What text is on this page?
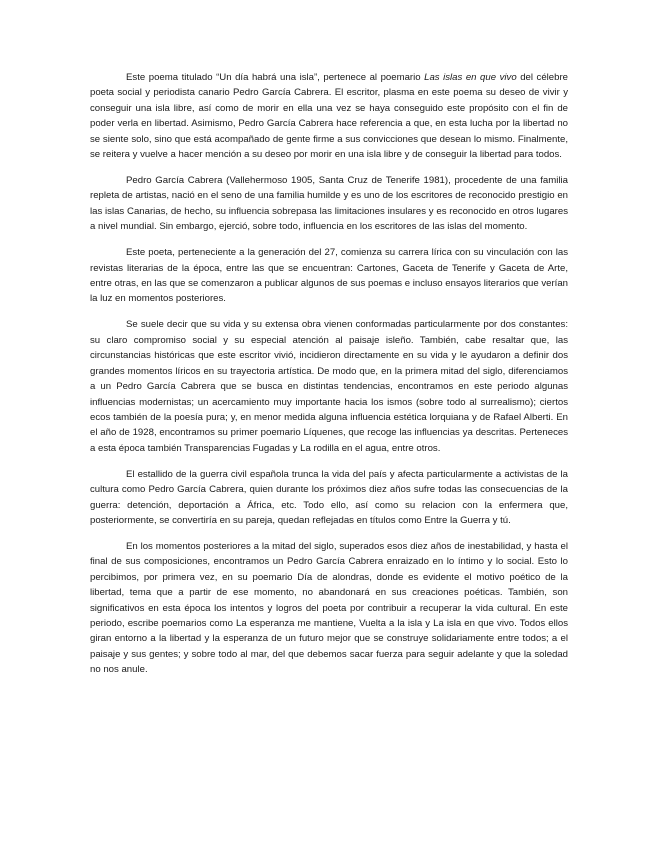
Este poema titulado “Un día habrá una isla”, pertenece al poemario Las islas en que vivo del célebre poeta social y periodista canario Pedro García Cabrera. El escritor, plasma en este poema su deseo de vivir y conseguir una isla libre, así como de morir en ella una vez se haya conseguido este propósito con el fin de poder verla en libertad. Asimismo, Pedro García Cabrera hace referencia a que, en esta lucha por la libertad no se siente solo, sino que está acompañado de gente firme a sus convicciones que desean lo mismo. Finalmente, se reitera y vuelve a hacer mención a su deseo por morir en una isla libre y de conseguir la libertad para todos.

Pedro García Cabrera (Vallehermoso 1905, Santa Cruz de Tenerife 1981), procedente de una familia repleta de artistas, nació en el seno de una familia humilde y es uno de los escritores de reconocido prestigio en las islas Canarias, de hecho, su influencia sobrepasa las limitaciones insulares y es reconocido en otros lugares a nivel mundial. Sin embargo, ejerció, sobre todo, influencia en los escritores de las islas del momento.

Este poeta, perteneciente a la generación del 27, comienza su carrera lírica con su vinculación con las revistas literarias de la época, entre las que se encuentran: Cartones, Gaceta de Tenerife y Gaceta de Arte, entre otras, en las que se comenzaron a publicar algunos de sus poemas e incluso ensayos literarios que verían la luz en momentos posteriores.

Se suele decir que su vida y su extensa obra vienen conformadas particularmente por dos constantes: su claro compromiso social y su especial atención al paisaje isleño. También, cabe resaltar que, las circunstancias históricas que este escritor vivió, incidieron directamente en su vida y le ayudaron a definir dos grandes momentos líricos en su trayectoria artística. De modo que, en la primera mitad del siglo, diferenciamos a un Pedro García Cabrera que se busca en distintas tendencias, encontramos en este periodo algunas influencias modernistas; un acercamiento muy importante hacia los ismos (sobre todo al surrealismo); ciertos ecos también de la poesía pura; y, en menor medida alguna influencia estética lorquiana y de Rafael Alberti. En el año de 1928, encontramos su primer poemario Líquenes, que recoge las influencias ya descritas. Perteneces a esta época también Transparencias Fugadas y La rodilla en el agua, entre otros.

El estallido de la guerra civil española trunca la vida del país y afecta particularmente a activistas de la cultura como Pedro García Cabrera, quien durante los próximos diez años sufre todas las consecuencias de la guerra: detención, deportación a África, etc. Todo ello, así como su relacion con la enfermera que, posteriormente, se convertiría en su pareja, quedan reflejadas en títulos como Entre la Guerra y tú.

En los momentos posteriores a la mitad del siglo, superados esos diez años de inestabilidad, y hasta el final de sus composiciones, encontramos un Pedro García Cabrera enraizado en lo íntimo y lo social. Esto lo percibimos, por primera vez, en su poemario Día de alondras, donde es evidente el motivo poético de la libertad, tema que a partir de ese momento, no abandonará en sus creaciones poéticas. También, son significativos en esta época los intentos y logros del poeta por contribuir a recuperar la vida cultural. En este periodo, escribe poemarios como La esperanza me mantiene, Vuelta a la isla y La isla en que vivo. Todos ellos giran entorno a la libertad y la esperanza de un futuro mejor que se construye solidariamente entre todos; a el paisaje y sus gentes; y sobre todo al mar, del que debemos sacar fuerza para seguir adelante y que la soledad no nos anule.
